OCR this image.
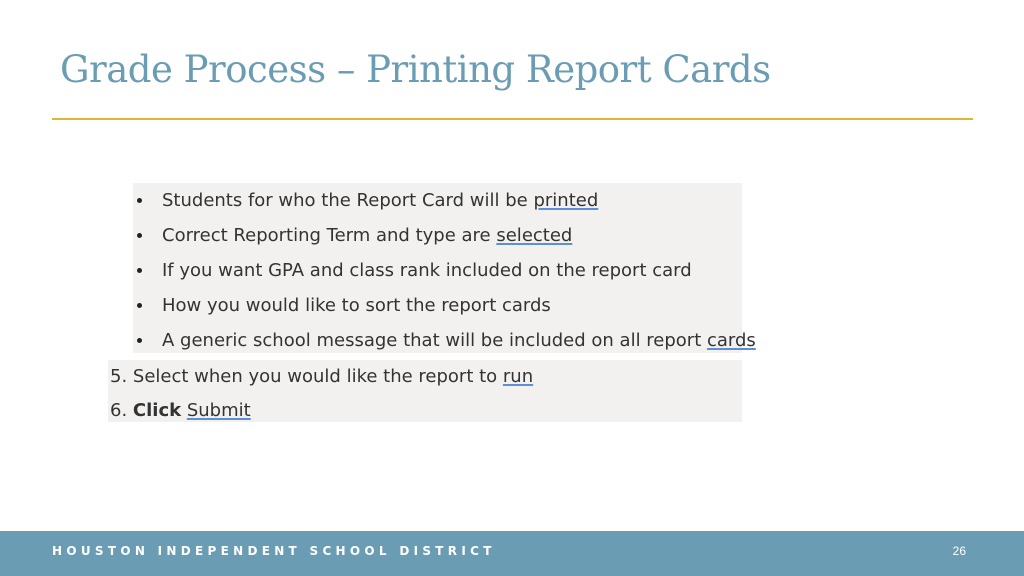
Grade Process – Printing Report Cards
Students for who the Report Card will be printed
Correct Reporting Term and type are selected
If you want GPA and class rank included on the report card
How you would like to sort the report cards
A generic school message that will be included on all report cards
5. Select when you would like the report to run
6. Click Submit
HOUSTON INDEPENDENT SCHOOL DISTRICT	26
